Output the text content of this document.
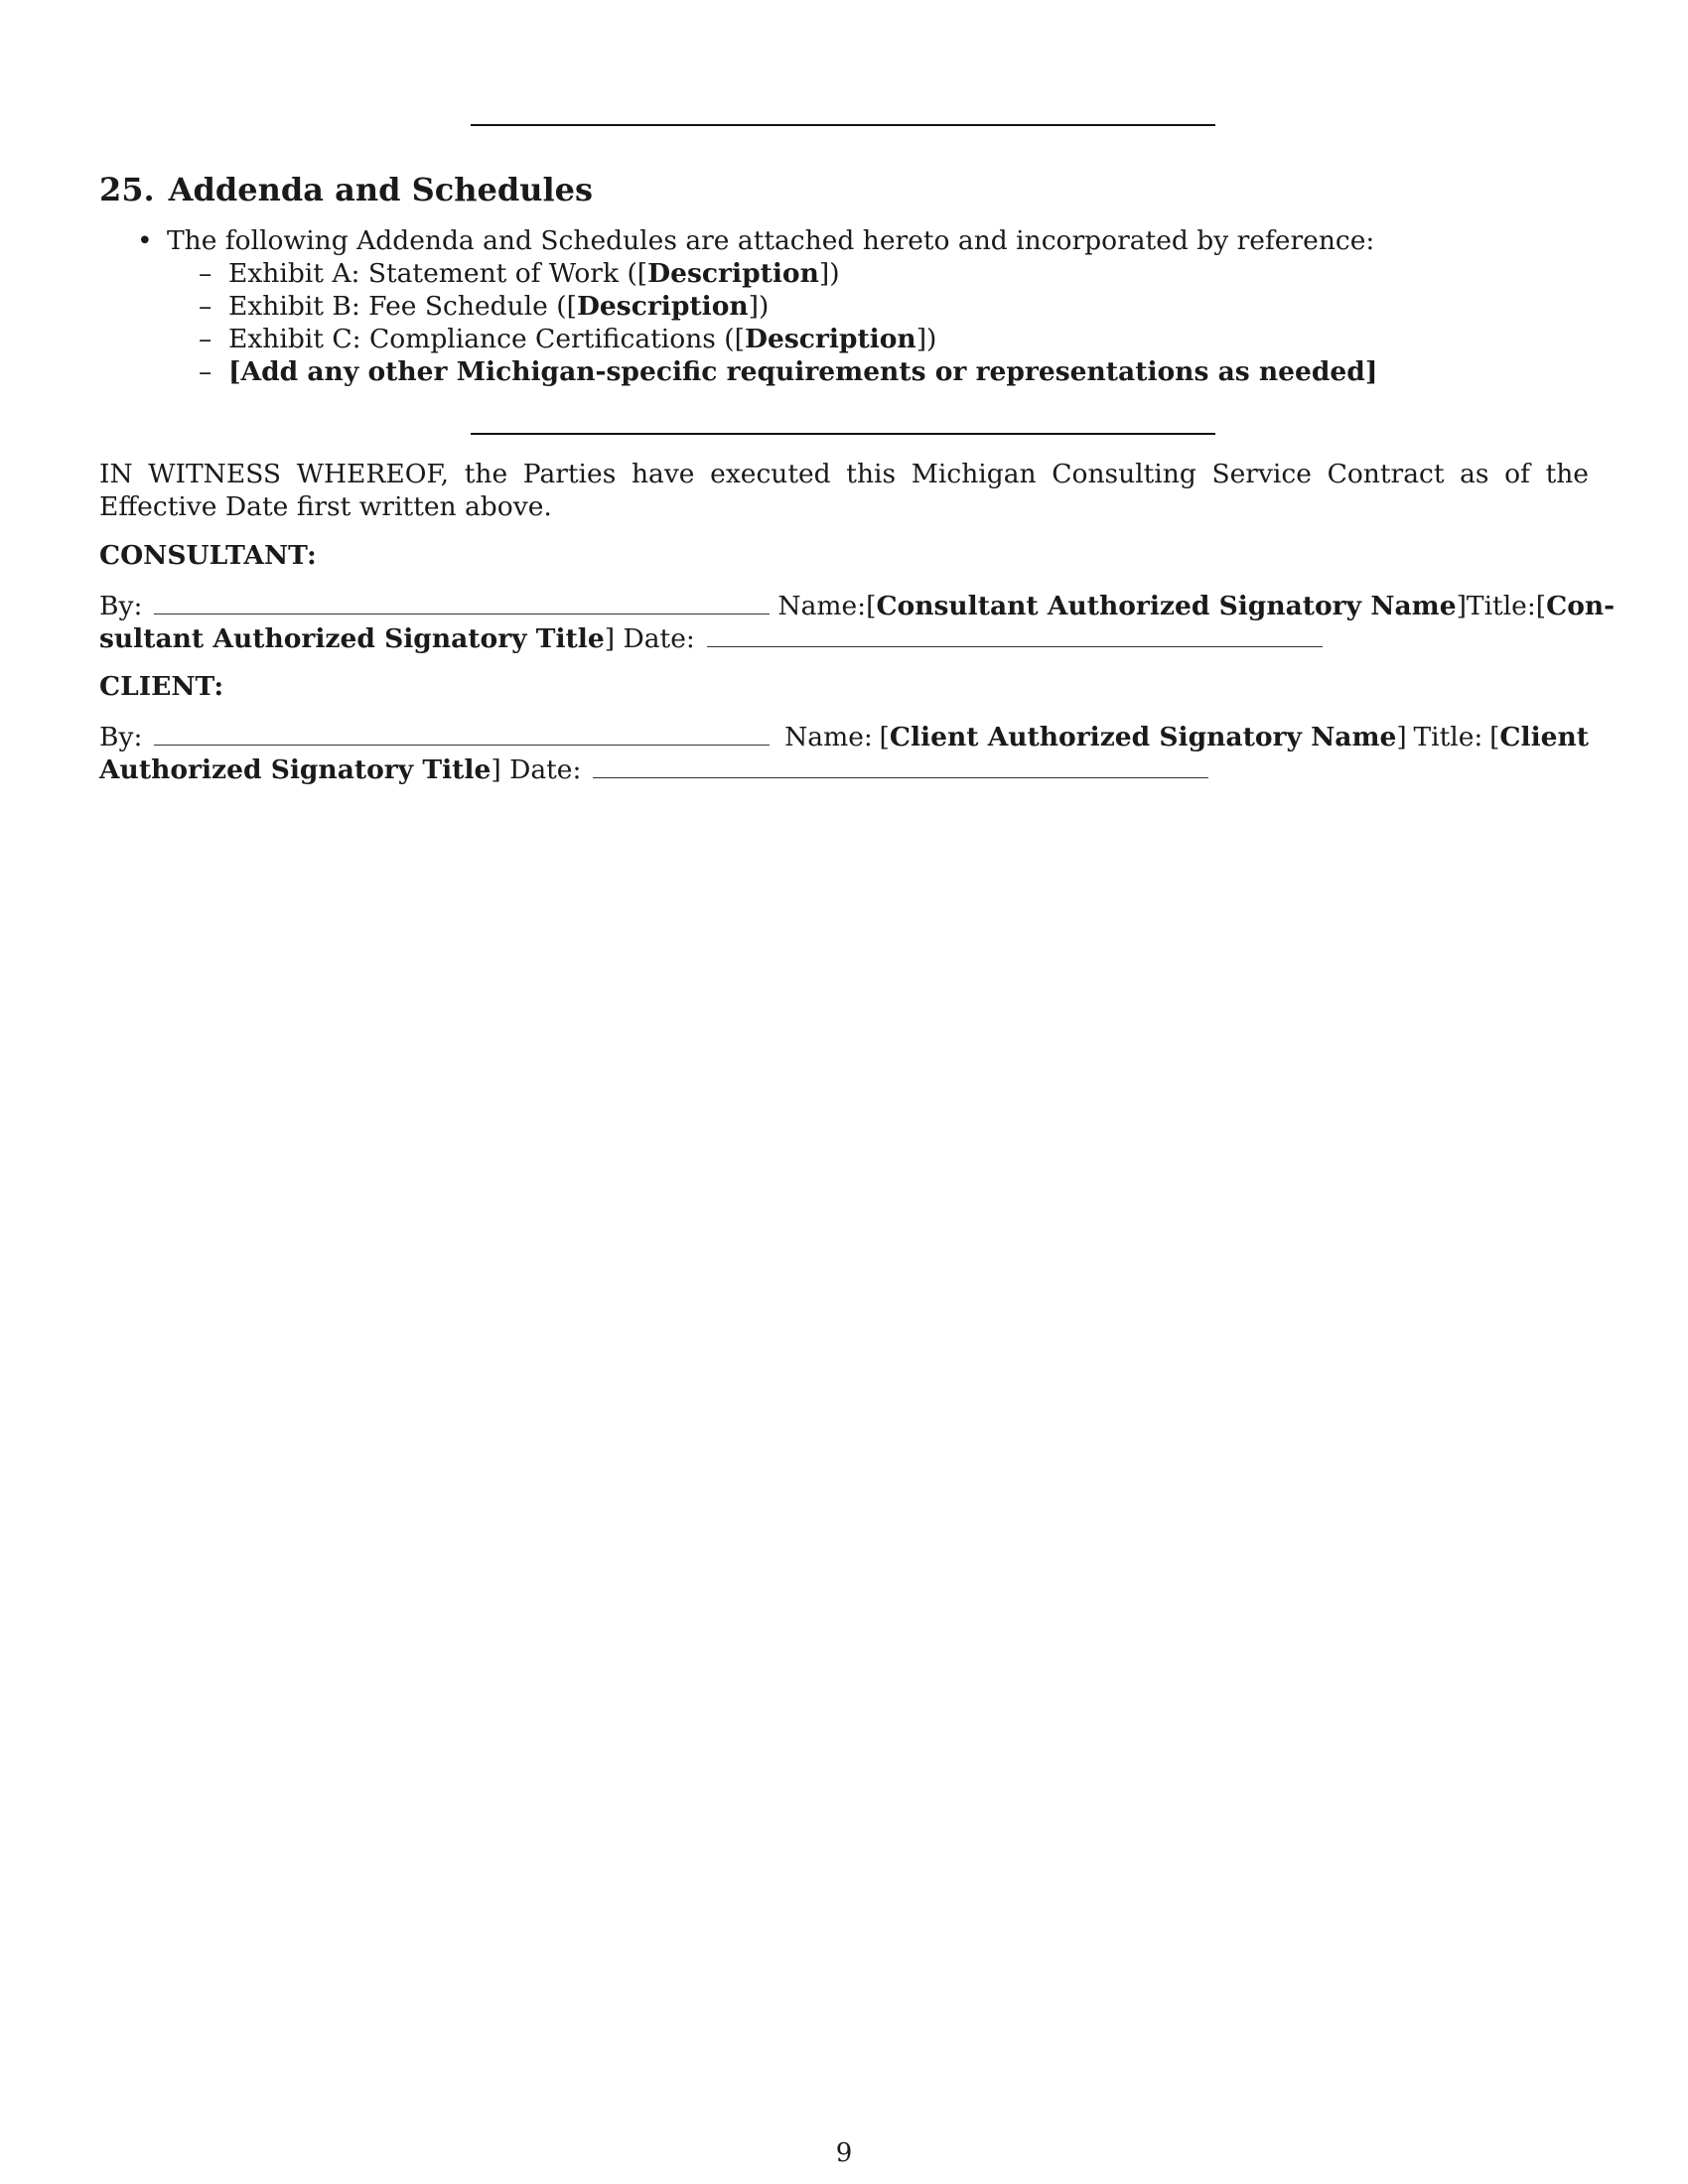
25. Addenda and Schedules
• The following Addenda and Schedules are attached hereto and incorporated by reference:
– Exhibit A: Statement of Work ([Description])
– Exhibit B: Fee Schedule ([Description])
– Exhibit C: Compliance Certifications ([Description])
– [Add any other Michigan-specific requirements or representations as needed]

IN WITNESS WHEREOF, the Parties have executed this Michigan Consulting Service Contract as of the Effective Date first written above.

CONSULTANT:

By:	Name: [Consultant Authorized Signatory Name] Title: [Con-
sultant Authorized Signatory Title] Date:

CLIENT:

By:	Name: [Client Authorized Signatory Name] Title: [Client
Authorized Signatory Title] Date:
9
